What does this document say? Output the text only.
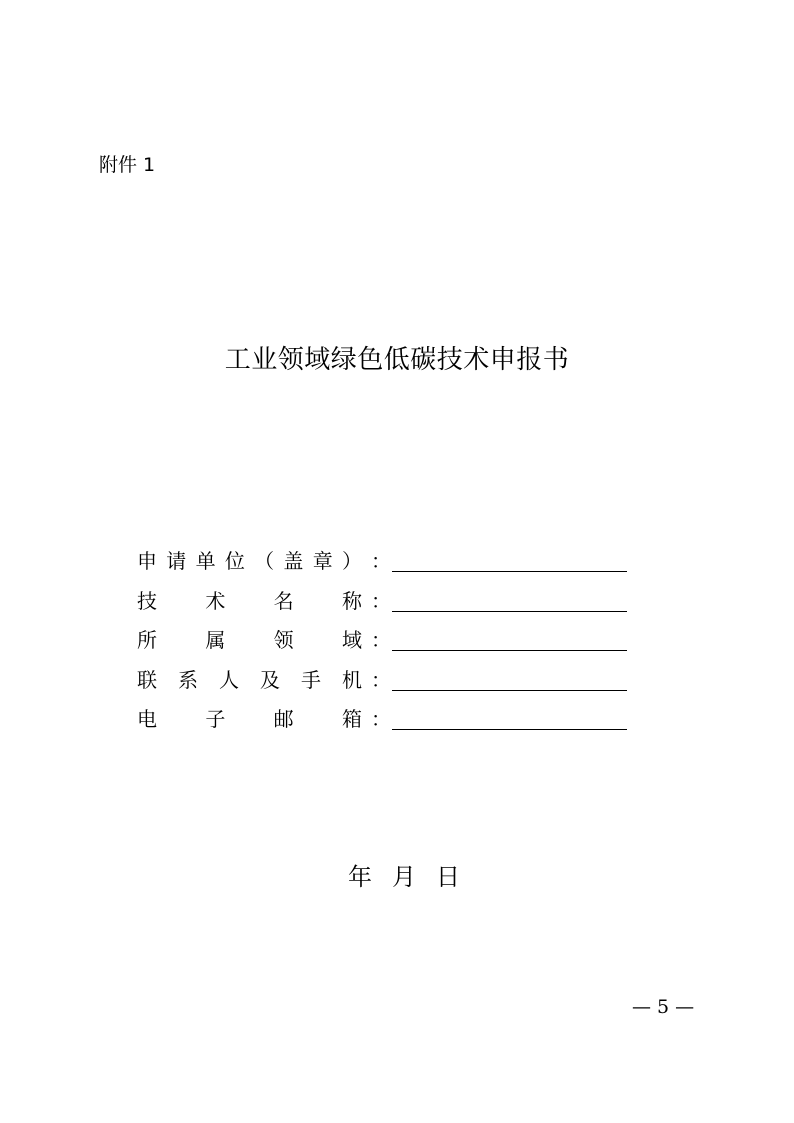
附件 1
工业领域绿色低碳技术申报书
申 请 单 位 （ 盖 章 ） ：
技 术 名 称 ：
所 属 领 域 ：
联 系 人 及 手 机 ：
电 子 邮 箱 ：
年 月 日
— 5 —
